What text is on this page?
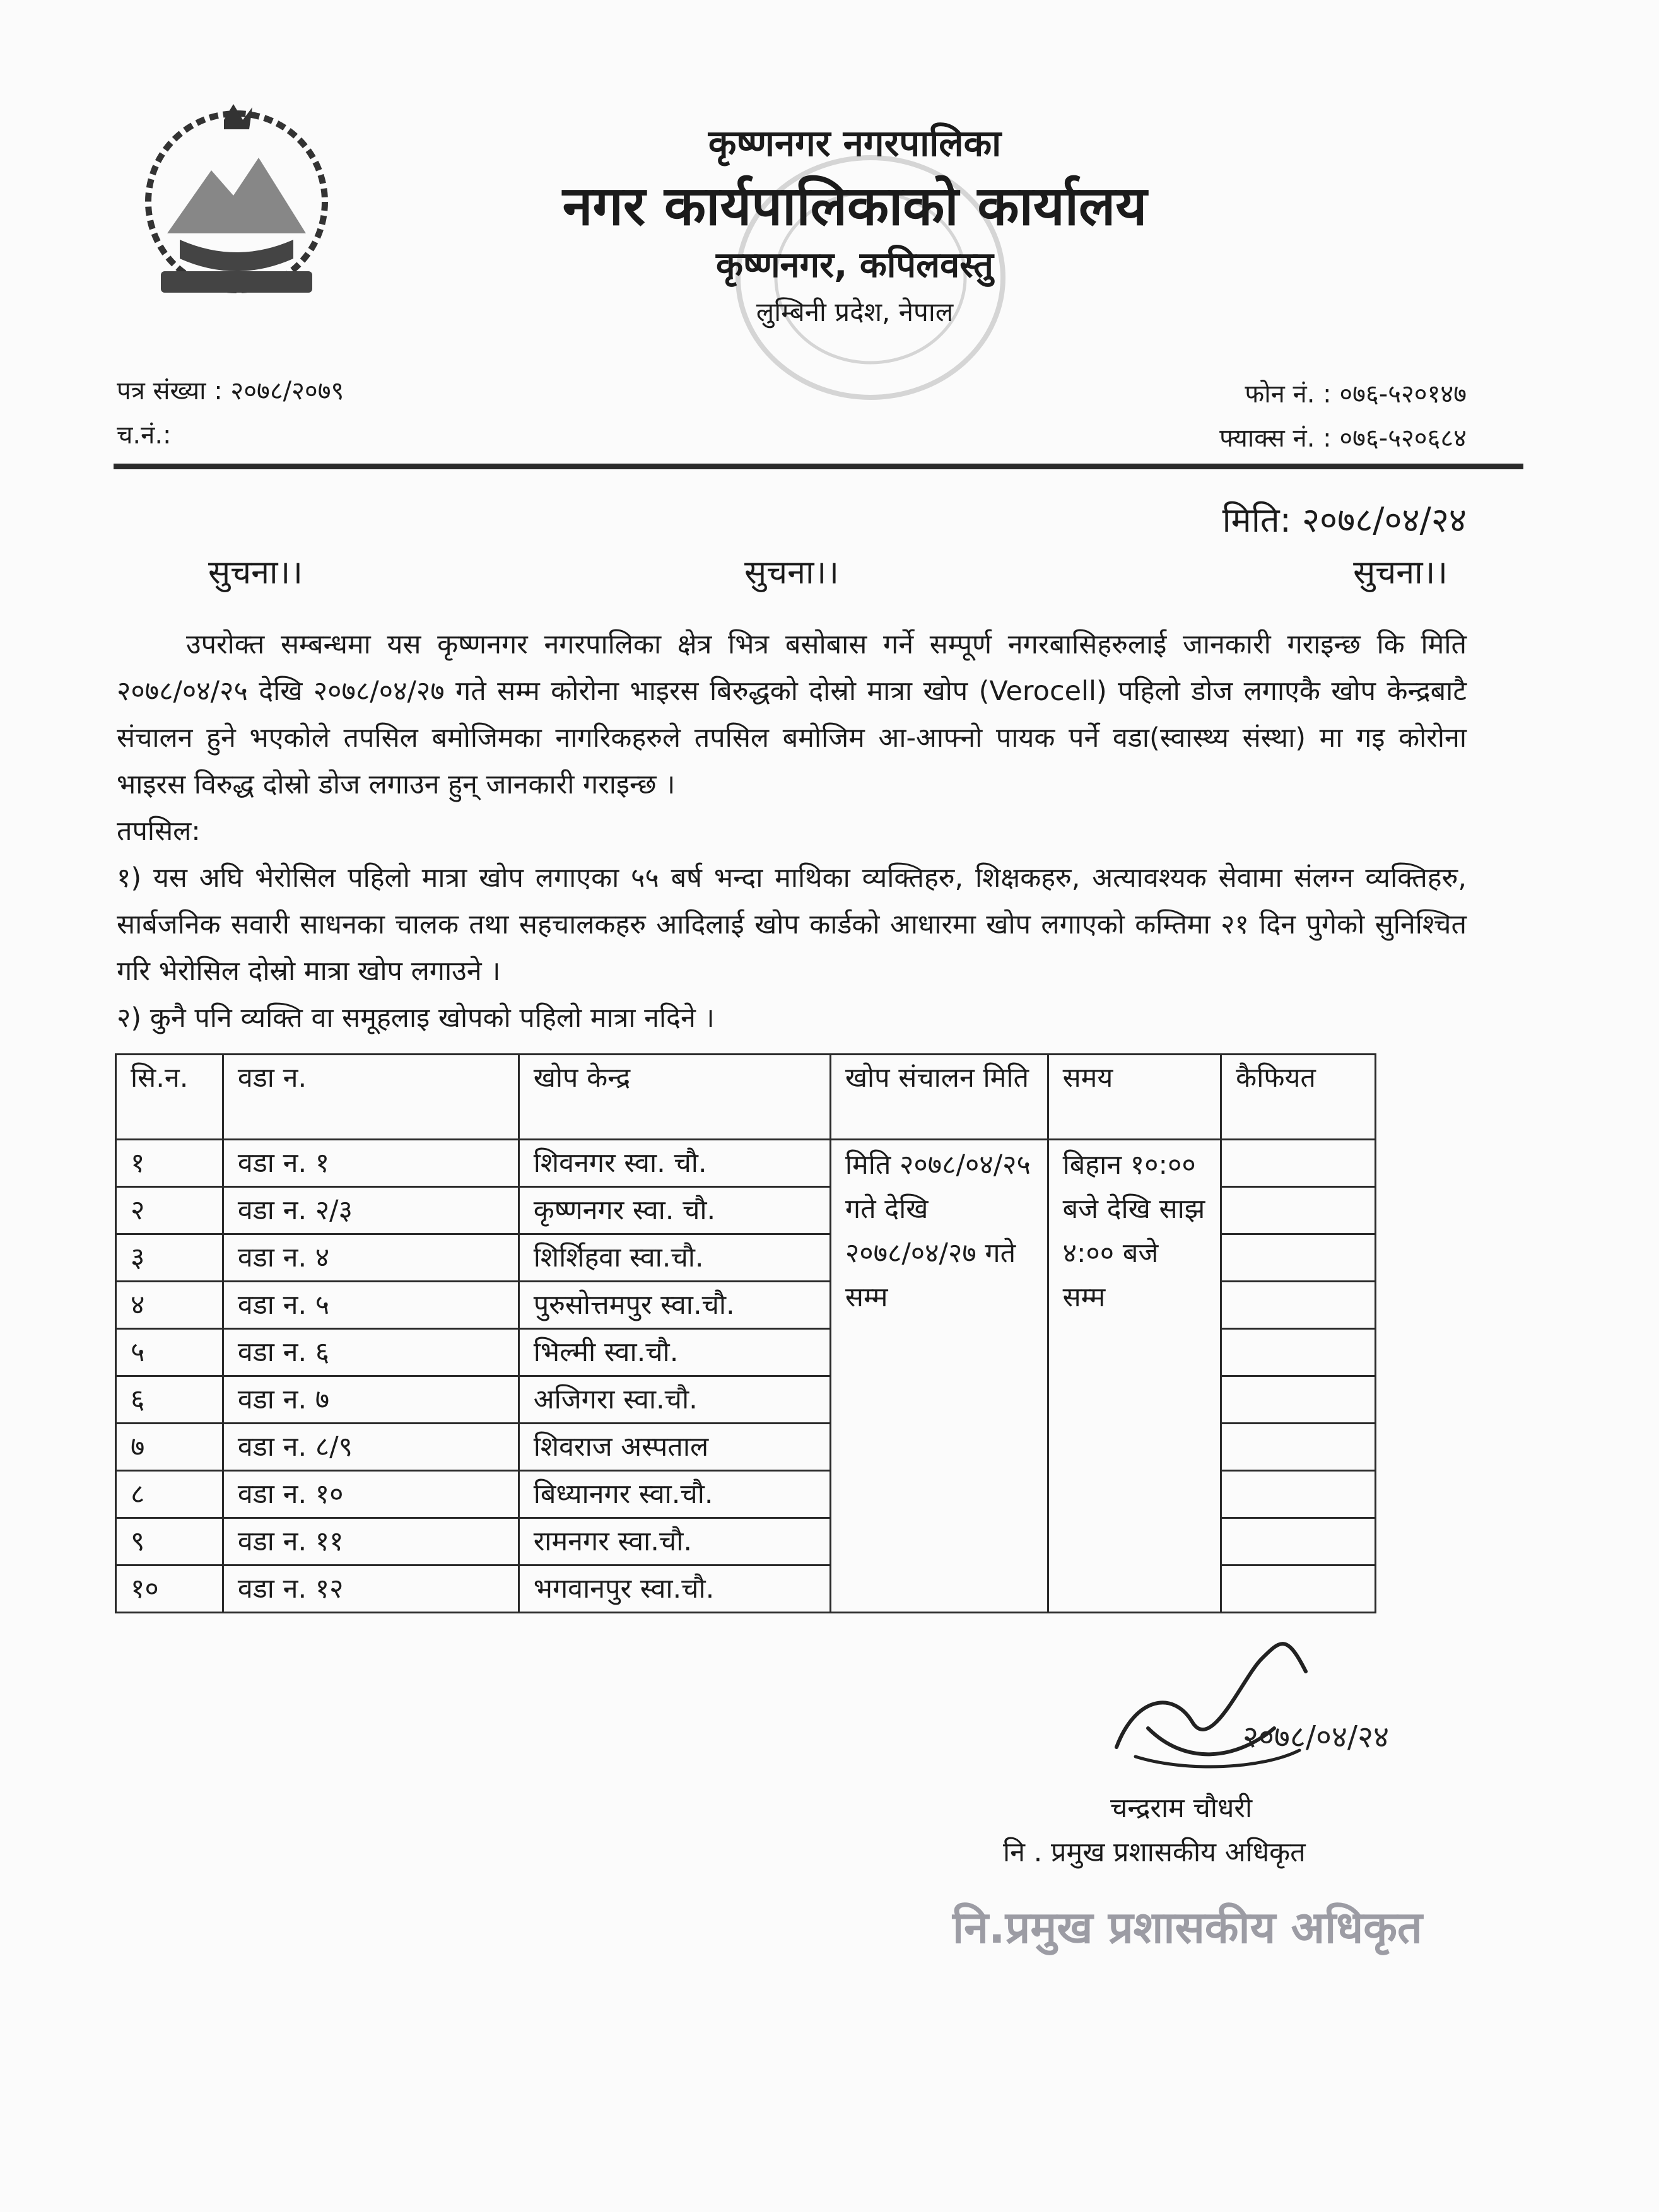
कृष्णनगर नगरपालिका
नगर कार्यपालिकाको कार्यालय
कृष्णनगर, कपिलवस्तु
लुम्बिनी प्रदेश, नेपाल
पत्र संख्या : २०७८/२०७९
च.नं.:
फोन नं. : ०७६-५२०१४७
फ्याक्स नं. : ०७६-५२०६८४
मिति: २०७८/०४/२४
सुचना।।	सुचना।।	सुचना।।

उपरोक्त सम्बन्धमा यस कृष्णनगर नगरपालिका क्षेत्र भित्र बसोबास गर्ने सम्पूर्ण नगरबासिहरुलाई जानकारी गराइन्छ कि मिति २०७८/०४/२५ देखि २०७८/०४/२७ गते सम्म कोरोना भाइरस बिरुद्धको दोस्रो मात्रा खोप (Verocell) पहिलो डोज लगाएकै खोप केन्द्रबाटै संचालन हुने भएकोले तपसिल बमोजिमका नागरिकहरुले तपसिल बमोजिम आ-आफ्नो पायक पर्ने वडा(स्वास्थ्य संस्था) मा गइ कोरोना भाइरस विरुद्ध दोस्रो डोज लगाउन हुन् जानकारी गराइन्छ ।

तपसिल:

१) यस अघि भेरोसिल पहिलो मात्रा खोप लगाएका ५५ बर्ष भन्दा माथिका व्यक्तिहरु, शिक्षकहरु, अत्यावश्यक सेवामा संलग्न व्यक्तिहरु, सार्बजनिक सवारी साधनका चालक तथा सहचालकहरु आदिलाई खोप कार्डको आधारमा खोप लगाएको कम्तिमा २१ दिन पुगेको सुनिश्चित गरि भेरोसिल दोस्रो मात्रा खोप लगाउने ।

२) कुनै पनि व्यक्ति वा समूहलाइ खोपको पहिलो मात्रा नदिने ।

सि.न.	वडा न.	खोप केन्द्र	खोप संचालन मिति	समय	कैफियत
१	वडा न. १	शिवनगर स्वा. चौ.	मिति २०७८/०४/२५ गते देखि २०७८/०४/२७ गते सम्म	बिहान १०:०० बजे देखि साझ ४:०० बजे सम्म	
२	वडा न. २/३	कृष्णनगर स्वा. चौ.			
३	वडा न. ४	शिर्शिहवा स्वा.चौ.			
४	वडा न. ५	पुरुसोत्तमपुर स्वा.चौ.			
५	वडा न. ६	भिल्मी स्वा.चौ.			
६	वडा न. ७	अजिगरा स्वा.चौ.			
७	वडा न. ८/९	शिवराज अस्पताल			
८	वडा न. १०	बिध्यानगर स्वा.चौ.			
९	वडा न. ११	रामनगर स्वा.चौ.			
१०	वडा न. १२	भगवानपुर स्वा.चौ.			
२०७८/०४/२४
चन्द्रराम चौधरी
नि . प्रमुख प्रशासकीय अधिकृत
नि.प्रमुख प्रशासकीय अधिकृत
